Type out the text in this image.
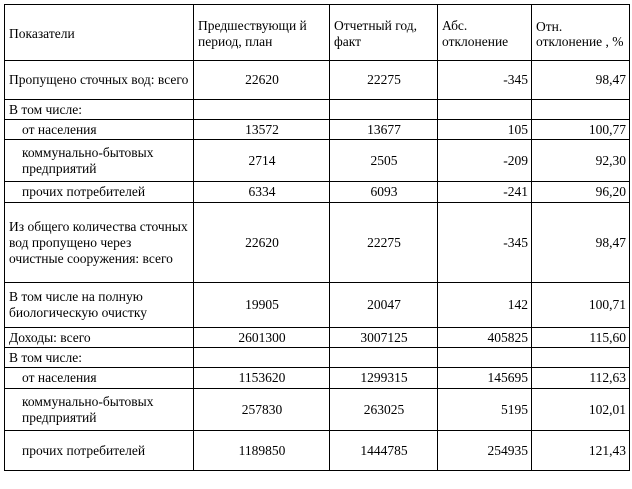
Показатели	Предшествующи й период, план	Отчетный год, факт	Абс. отклонение	Отн. отклонение , %
Пропущено сточных вод: всего	22620	22275	-345	98,47
В том числе:				
от населения	13572	13677	105	100,77
коммунально-бытовых предприятий	2714	2505	-209	92,30
прочих потребителей	6334	6093	-241	96,20
Из общего количества сточных вод пропущено через очистные сооружения: всего	22620	22275	-345	98,47
В том числе на полную биологическую очистку	19905	20047	142	100,71
Доходы: всего	2601300	3007125	405825	115,60
В том числе:				
от населения	1153620	1299315	145695	112,63
коммунально-бытовых предприятий	257830	263025	5195	102,01
прочих потребителей	1189850	1444785	254935	121,43
